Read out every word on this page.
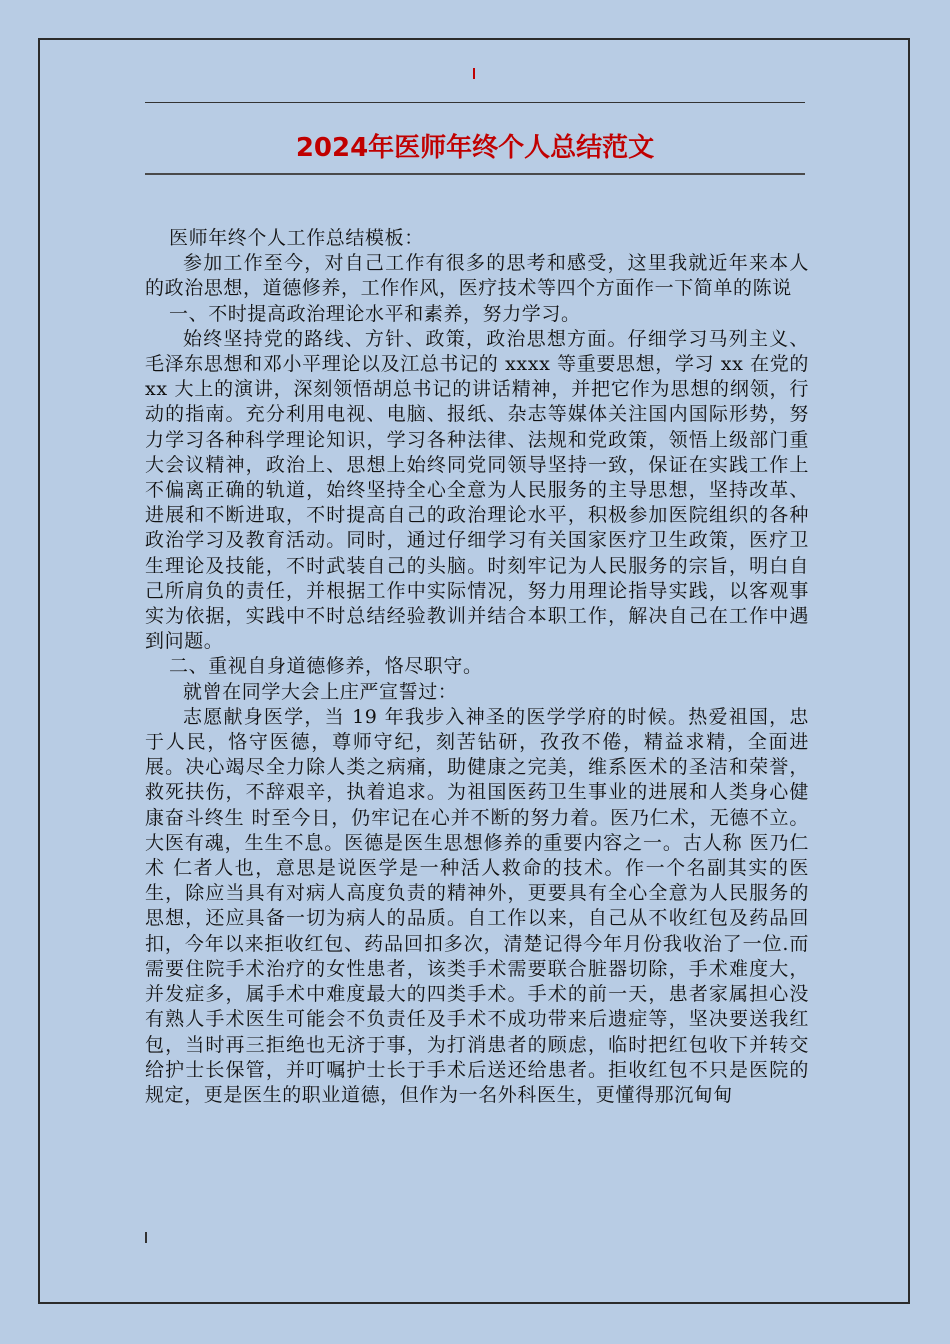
2024年医师年终个人总结范文

医师年终个人工作总结模板：

参加工作至今，对自己工作有很多的思考和感受，这里我就近年来本人的政治思想，道德修养，工作作风，医疗技术等四个方面作一下简单的陈说

一、不时提高政治理论水平和素养，努力学习。

始终坚持党的路线、方针、政策，政治思想方面。仔细学习马列主义、毛泽东思想和邓小平理论以及江总书记的 xxxx 等重要思想，学习 xx 在党的 xx 大上的演讲，深刻领悟胡总书记的讲话精神，并把它作为思想的纲领，行动的指南。充分利用电视、电脑、报纸、杂志等媒体关注国内国际形势，努力学习各种科学理论知识，学习各种法律、法规和党政策，领悟上级部门重大会议精神，政治上、思想上始终同党同领导坚持一致，保证在实践工作上不偏离正确的轨道，始终坚持全心全意为人民服务的主导思想，坚持改革、进展和不断进取，不时提高自己的政治理论水平，积极参加医院组织的各种政治学习及教育活动。同时，通过仔细学习有关国家医疗卫生政策，医疗卫生理论及技能，不时武装自己的头脑。时刻牢记为人民服务的宗旨，明白自己所肩负的责任，并根据工作中实际情况，努力用理论指导实践，以客观事实为依据，实践中不时总结经验教训并结合本职工作，解决自己在工作中遇到问题。

二、重视自身道德修养，恪尽职守。

就曾在同学大会上庄严宣誓过：

志愿献身医学，当 19 年我步入神圣的医学学府的时候。热爱祖国，忠于人民，恪守医德，尊师守纪，刻苦钻研，孜孜不倦，精益求精，全面进展。决心竭尽全力除人类之病痛，助健康之完美，维系医术的圣洁和荣誉，救死扶伤，不辞艰辛，执着追求。为祖国医药卫生事业的进展和人类身心健康奋斗终生 时至今日，仍牢记在心并不断的努力着。医乃仁术，无德不立。大医有魂，生生不息。医德是医生思想修养的重要内容之一。古人称 医乃仁术 仁者人也，意思是说医学是一种活人救命的技术。作一个名副其实的医生，除应当具有对病人高度负责的精神外，更要具有全心全意为人民服务的思想，还应具备一切为病人的品质。自工作以来，自己从不收红包及药品回扣，今年以来拒收红包、药品回扣多次，清楚记得今年月份我收治了一位.而需要住院手术治疗的女性患者，该类手术需要联合脏器切除，手术难度大，并发症多，属手术中难度最大的四类手术。手术的前一天，患者家属担心没有熟人手术医生可能会不负责任及手术不成功带来后遗症等，坚决要送我红包，当时再三拒绝也无济于事，为打消患者的顾虑，临时把红包收下并转交给护士长保管，并叮嘱护士长于手术后送还给患者。拒收红包不只是医院的规定，更是医生的职业道德，但作为一名外科医生，更懂得那沉甸甸
